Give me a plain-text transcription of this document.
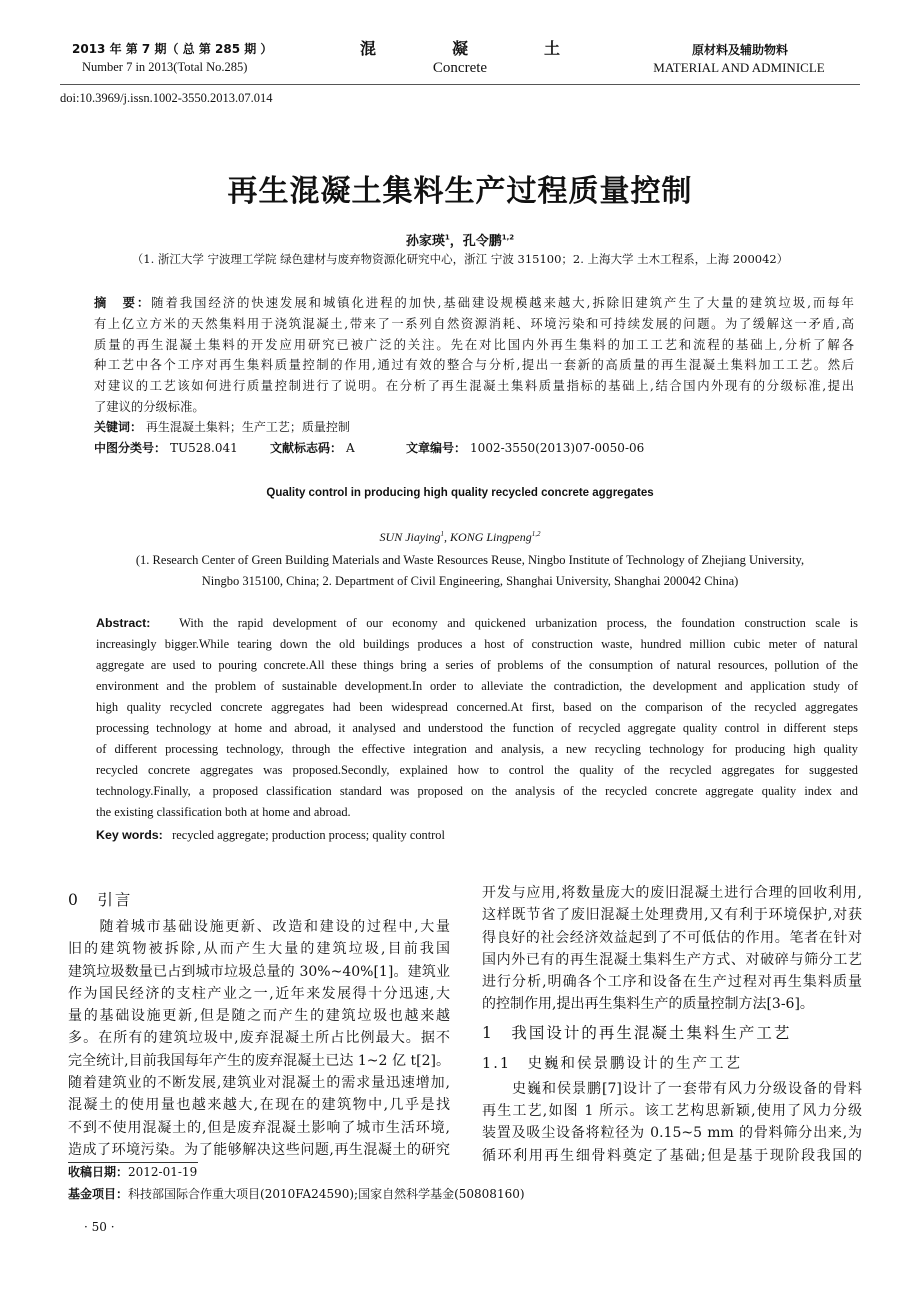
2013 年 第 7 期（ 总 第 285 期 ）
Number 7 in 2013(Total No.285)
混	凝	土
Concrete
原材料及辅助物料
MATERIAL AND ADMINICLE
doi:10.3969/j.issn.1002-3550.2013.07.014
再生混凝土集料生产过程质量控制
孙家瑛$^1$，孔令鹏$^{1,2}$
（1. 浙江大学 宁波理工学院 绿色建材与废弃物资源化研究中心，浙江 宁波 315100；2. 上海大学 土木工程系，上海 200042）
摘　要：随着我国经济的快速发展和城镇化进程的加快,基础建设规模越来越大,拆除旧建筑产生了大量的建筑垃圾,而每年
有上亿立方米的天然集料用于浇筑混凝土,带来了一系列自然资源消耗、环境污染和可持续发展的问题。为了缓解这一矛盾,高
质量的再生混凝土集料的开发应用研究已被广泛的关注。先在对比国内外再生集料的加工工艺和流程的基础上,分析了解各
种工艺中各个工序对再生集料质量控制的作用,通过有效的整合与分析,提出一套新的高质量的再生混凝土集料加工工艺。然后
对建议的工艺该如何进行质量控制进行了说明。在分析了再生混凝土集料质量指标的基础上,结合国内外现有的分级标准,提出
了建议的分级标准。
关键词： 再生混凝土集料；生产工艺；质量控制
中图分类号： TU528.041	文献标志码： A	文章编号： 1002-3550(2013)07-0050-06
Quality control in producing high quality recycled concrete aggregates
SUN Jiaying$^1$, KONG Lingpeng$^{1,2}$
(1. Research Center of Green Building Materials and Waste Resources Reuse, Ningbo Institute of Technology of Zhejiang University,
Ningbo 315100, China; 2. Department of Civil Engineering, Shanghai University, Shanghai 200042 China)
Abstract: With the rapid development of our economy and quickened urbanization process, the foundation construction scale is
increasingly bigger.While tearing down the old buildings produces a host of construction waste, hundred million cubic meter of natural
aggregate are used to pouring concrete.All these things bring a series of problems of the consumption of natural resources, pollution of the
environment and the problem of sustainable development.In order to alleviate the contradiction, the development and application study of
high quality recycled concrete aggregates had been widespread concerned.At first, based on the comparison of the recycled aggregates
processing technology at home and abroad, it analysed and understood the function of recycled aggregate quality control in different steps
of different processing technology, through the effective integration and analysis, a new recycling technology for producing high quality
recycled concrete aggregates was proposed.Secondly, explained how to control the quality of the recycled aggregates for suggested
technology.Finally, a proposed classification standard was proposed on the analysis of the recycled concrete aggregate quality index and
the existing classification both at home and abroad.
Key words: recycled aggregate; production process; quality control
0　引言
　　随着城市基础设施更新、改造和建设的过程中,大量
旧的建筑物被拆除,从而产生大量的建筑垃圾,目前我国
建筑垃圾数量已占到城市垃圾总量的 30%~40%[1]。建筑业
作为国民经济的支柱产业之一,近年来发展得十分迅速,大
量的基础设施更新,但是随之而产生的建筑垃圾也越来越
多。在所有的建筑垃圾中,废弃混凝土所占比例最大。据不
完全统计,目前我国每年产生的废弃混凝土已达 1~2 亿 t[2]。
随着建筑业的不断发展,建筑业对混凝土的需求量迅速增加,
混凝土的使用量也越来越大,在现在的建筑物中,几乎是找
不到不使用混凝土的,但是废弃混凝土影响了城市生活环境,
造成了环境污染。为了能够解决这些问题,再生混凝土的研究
开发与应用,将数量庞大的废旧混凝土进行合理的回收利用,
这样既节省了废旧混凝土处理费用,又有利于环境保护,对获
得良好的社会经济效益起到了不可低估的作用。笔者在针对
国内外已有的再生混凝土集料生产方式、对破碎与筛分工艺
进行分析,明确各个工序和设备在生产过程对再生集料质量
的控制作用,提出再生集料生产的质量控制方法[3-6]。
1　我国设计的再生混凝土集料生产工艺
1.1　史巍和侯景鹏设计的生产工艺
　　史巍和侯景鹏[7]设计了一套带有风力分级设备的骨料
再生工艺,如图 1 所示。该工艺构思新颖,使用了风力分级
装置及吸尘设备将粒径为 0.15~5 mm 的骨料筛分出来,为
循环利用再生细骨料奠定了基础;但是基于现阶段我国的
收稿日期：2012-01-19
基金项目：科技部国际合作重大项目(2010FA24590);国家自然科学基金(50808160)
· 50 ·
